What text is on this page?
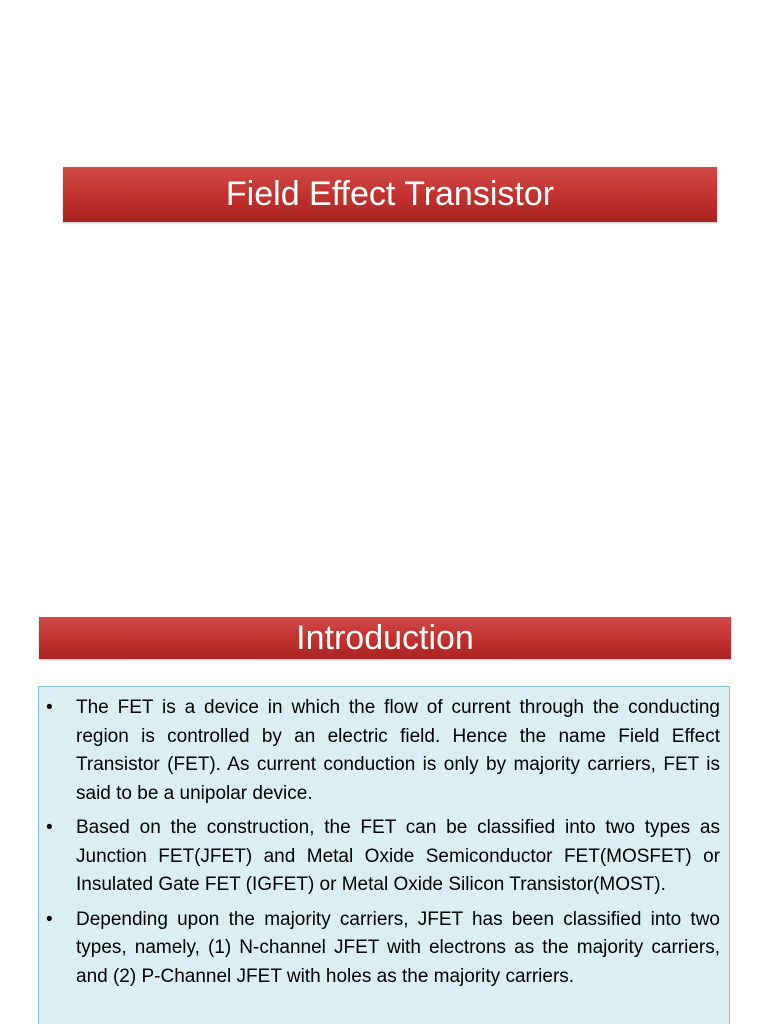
Field Effect Transistor
Introduction
• The FET is a device in which the flow of current through the conducting region is controlled by an electric field. Hence the name Field Effect Transistor (FET). As current conduction is only by majority carriers, FET is said to be a unipolar device.
• Based on the construction, the FET can be classified into two types as Junction FET(JFET) and Metal Oxide Semiconductor FET(MOSFET) or Insulated Gate FET (IGFET) or Metal Oxide Silicon Transistor(MOST).
• Depending upon the majority carriers, JFET has been classified into two types, namely, (1) N-channel JFET with electrons as the majority carriers, and (2) P-Channel JFET with holes as the majority carriers.
